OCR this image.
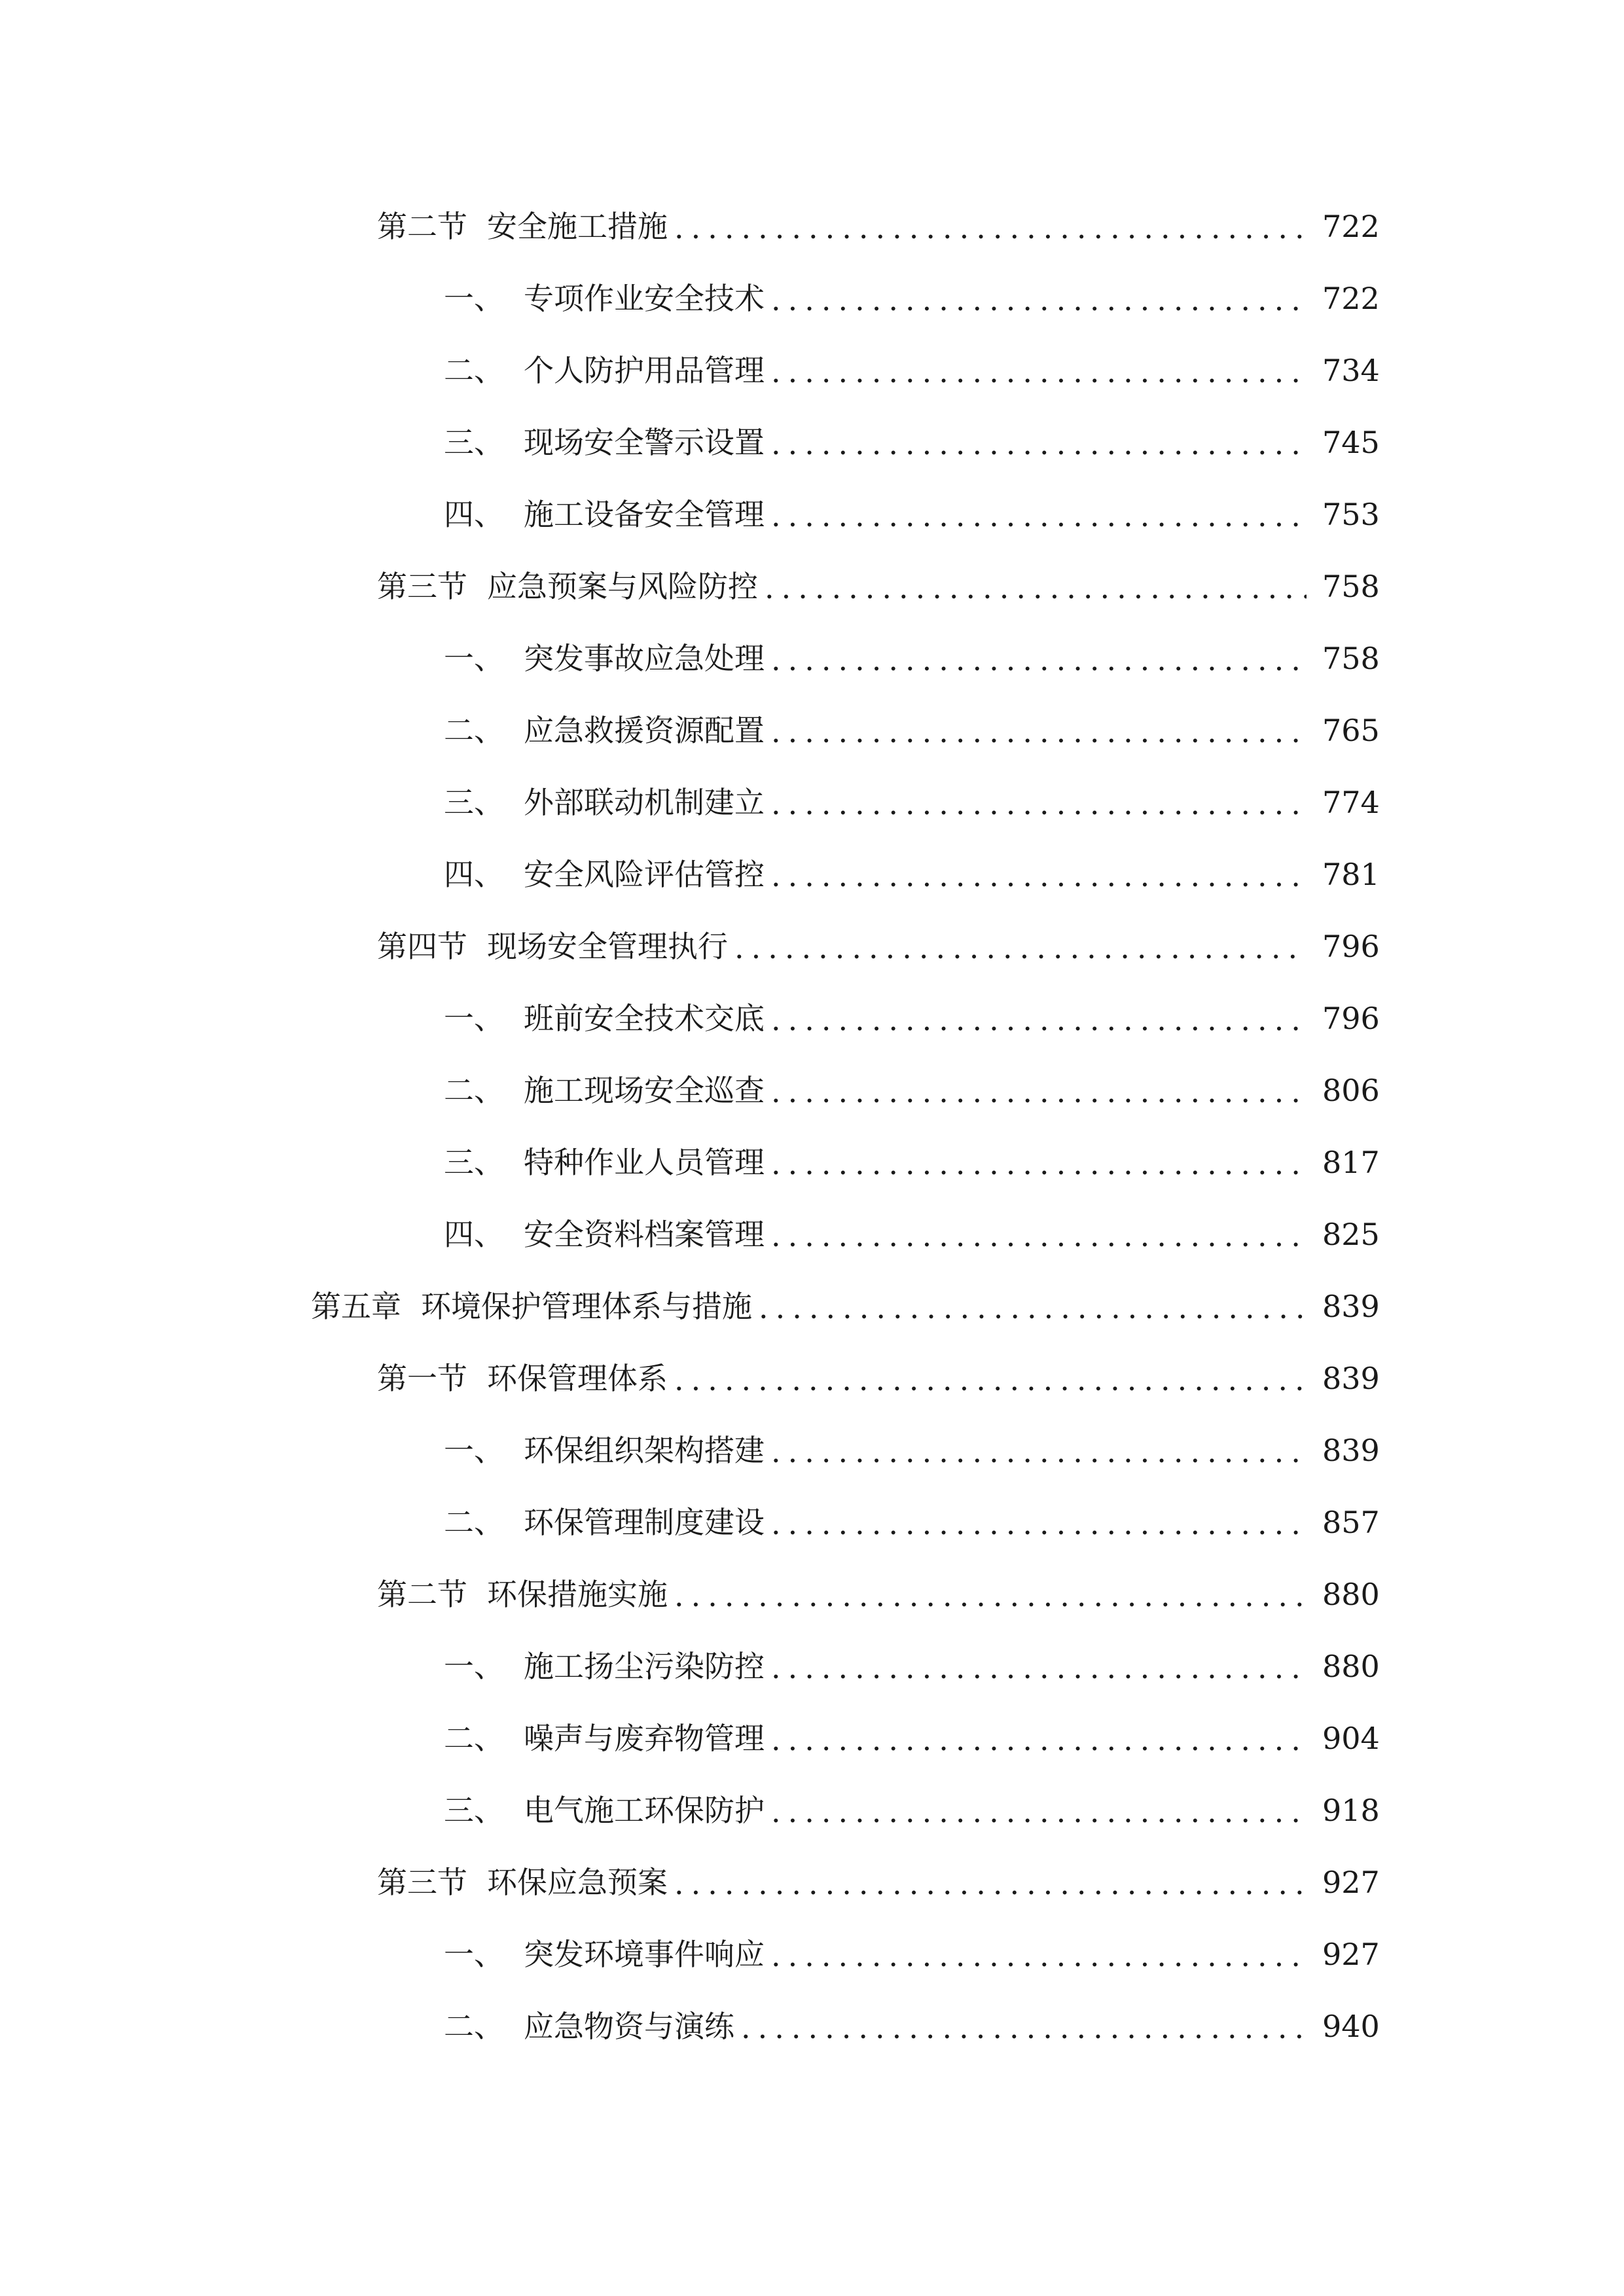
第二节 安全施工措施 .....	722
一、 专项作业安全技术 .....	722
二、 个人防护用品管理 .....	734
三、 现场安全警示设置 .....	745
四、 施工设备安全管理 .....	753
第三节 应急预案与风险防控 .....	758
一、 突发事故应急处理 .....	758
二、 应急救援资源配置 .....	765
三、 外部联动机制建立 .....	774
四、 安全风险评估管控 .....	781
第四节 现场安全管理执行 .....	796
一、 班前安全技术交底 .....	796
二、 施工现场安全巡查 .....	806
三、 特种作业人员管理 .....	817
四、 安全资料档案管理 .....	825
第五章 环境保护管理体系与措施 .....	839
第一节 环保管理体系 .....	839
一、 环保组织架构搭建 .....	839
二、 环保管理制度建设 .....	857
第二节 环保措施实施 .....	880
一、 施工扬尘污染防控 .....	880
二、 噪声与废弃物管理 .....	904
三、 电气施工环保防护 .....	918
第三节 环保应急预案 .....	927
一、 突发环境事件响应 .....	927
二、 应急物资与演练 .....	940
